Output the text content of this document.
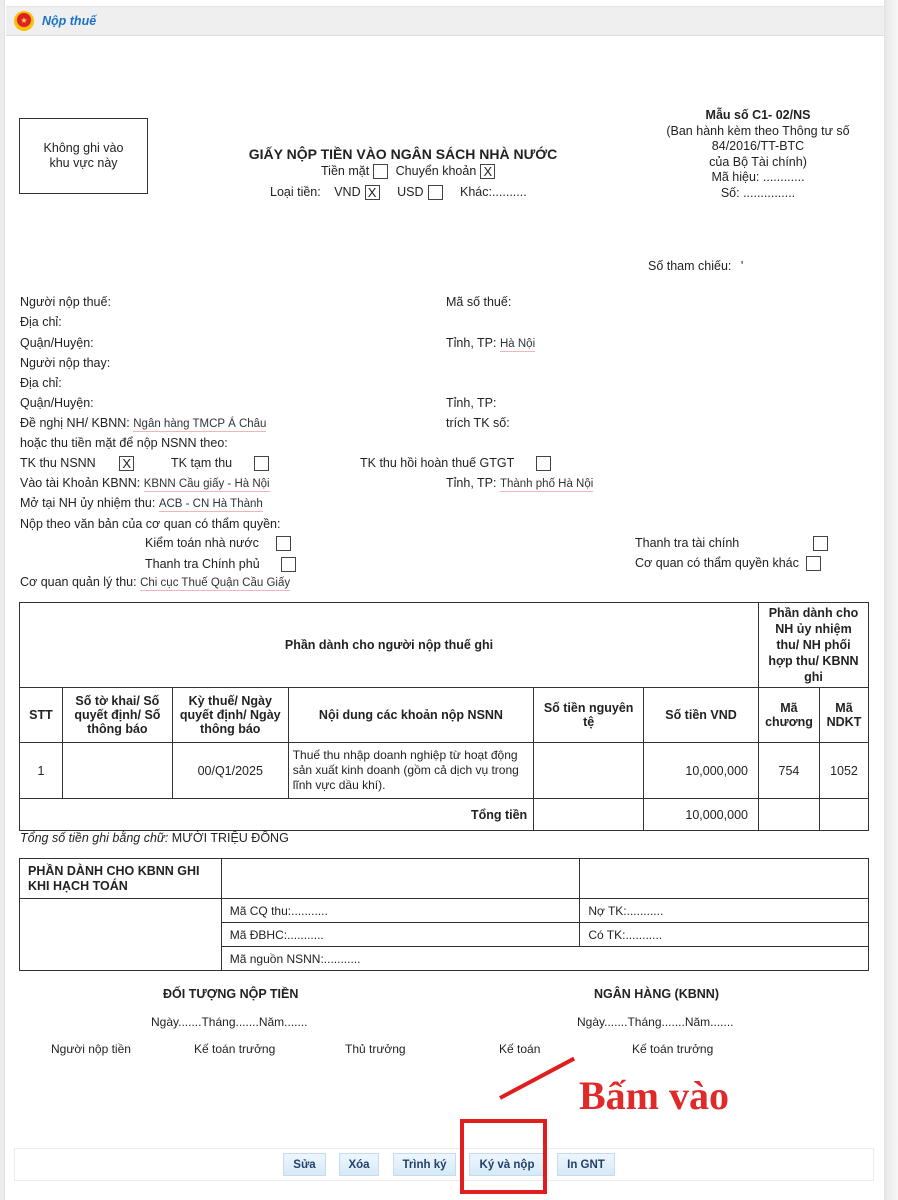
★ Nộp thuế
Không ghi vào
khu vực này
GIẤY NỘP TIỀN VÀO NGÂN SÁCH NHÀ NƯỚC
Tiền mặt Chuyển khoản X
Loại tiền: VND X USD	Khác:..........
Mẫu số C1- 02/NS
(Ban hành kèm theo Thông tư số
84/2016/TT-BTC
của Bộ Tài chính)
Mã hiệu: ............
Số: ...............
Số tham chiếu: '
Người nộp thuế:	Mã số thuế:
Địa chỉ:
Quận/Huyện:	Tỉnh, TP: Hà Nội
Người nộp thay:
Địa chỉ:
Quận/Huyện:	Tỉnh, TP:
Đề nghị NH/ KBNN: Ngân hàng TMCP Á Châu	trích TK số:
hoặc thu tiền mặt để nộp NSNN theo:
TK thu NSNN X	TK tạm thu	TK thu hồi hoàn thuế GTGT
Vào tài Khoản KBNN: KBNN Cầu giấy - Hà Nội	Tỉnh, TP: Thành phố Hà Nội
Mở tại NH ủy nhiệm thu: ACB - CN Hà Thành
Nộp theo văn bản của cơ quan có thẩm quyền:
Kiểm toán nhà nước
Thanh tra Chính phủ
Thanh tra tài chính
Cơ quan có thẩm quyền khác
Cơ quan quản lý thu: Chi cục Thuế Quận Cầu Giấy
Phần dành cho người nộp thuế ghi						Phần dành cho NH ủy nhiệm thu/ NH phối hợp thu/ KBNN ghi	
STT	Số tờ khai/ Số quyết định/ Số thông báo	Kỳ thuế/ Ngày quyết định/ Ngày thông báo	Nội dung các khoản nộp NSNN	Số tiền nguyên tệ	Số tiền VND	Mã chương	Mã NDKT
1		00/Q1/2025	Thuế thu nhập doanh nghiệp từ hoạt động sản xuất kinh doanh (gồm cả dịch vụ trong lĩnh vực dầu khí).		10,000,000	754	1052
Tổng tiền					10,000,000		
Tổng số tiền ghi bằng chữ: MƯỜI TRIỆU ĐỒNG
PHẦN DÀNH CHO KBNN GHI KHI HẠCH TOÁN		
	Mã CQ thu:...........	Nợ TK:...........
	Mã ĐBHC:...........	Có TK:...........
	Mã nguồn NSNN:...........	
ĐỐI TƯỢNG NỘP TIỀN	NGÂN HÀNG (KBNN)
Ngày.......Tháng.......Năm.......	Ngày.......Tháng.......Năm.......
Người nộp tiền	Kế toán trưởng	Thủ trưởng	Kế toán	Kế toán trưởng
Sửa	Xóa	Trình ký	Ký và nộp	In GNT
Bấm vào
